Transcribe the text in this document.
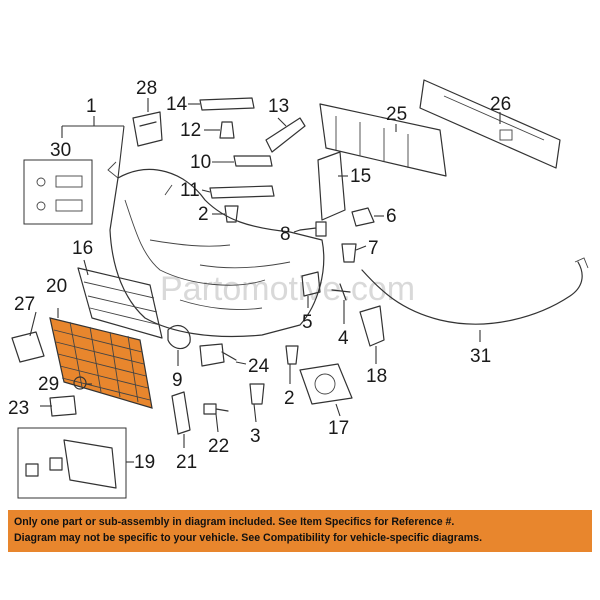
Partomotive.com
1
28
14	13
12
30
10
11
2
8
15
6
7
25	26
16
20
27
5
4
18
9
24
2
29
23
3	17
21
22
19
31
Only one part or sub-assembly in diagram included. See Item Specifics for Reference #.
Diagram may not be specific to your vehicle. See Compatibility for vehicle-specific diagrams.
